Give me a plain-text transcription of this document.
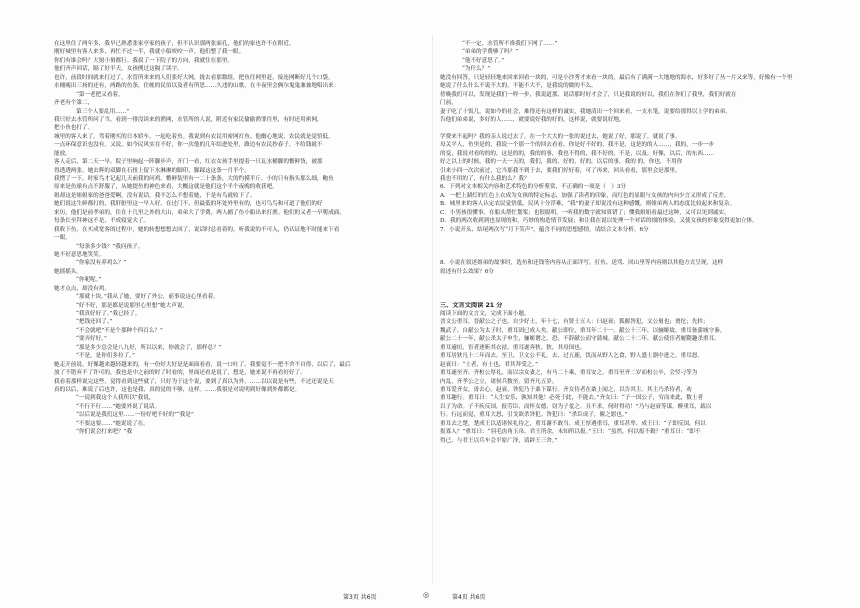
在这里住了两年多，我早已熟悉张家亭家的孩子，但不认识那两张面孔，他们的家也许不在附近。
刚好城里有客人来多，再忙不过一半，我就小船咬咬一声。他们整了我一眼。
你们有谁会吗？大舅小舅都行。我叔了一下院子的方向，我就住在那里。
他们齐声回话，隔了好半天，女孩例过这隔了读字。
也许，前段时间就来打过了。水管所来来的人们张好大网，拢去看那数组，把鱼往网里赶，接连网断好几个口袋，
水桶瘦出三扬的还有，两路的鱼条，住帐的民伯以及者有所思……久违的山歌，在丰夜里会俩尔鬼鬼兼兼地唱出来：
“第一老把又看着，
齐老有个第二，
第三个人要乱用……”
我只好去水管所问了当，看到一排没谈来的渔网，水管所的人说，附近有家民偷偷渔罪往里，有时还用密网，
把小鱼也打了。
城里的客人来了，驾着刚买的日本轿车，一起吃着鱼。我说到有农民用密网打鱼。他幽心地说，农民就是觉悟低，
一点环保意识也没有。又说，如今民风实在不好，你一次他的几年结进处里，路边有农民抄春子，不给钱就不
能放。
客人走后，第二天一早，院子里响起一阵脚步声，开门一看，红衣女孩手里提着一只瓦水桶脚的鳖鲜货，被那
得透透两张。她去辉的双脚在石扭上留下水淋淋的脚印，脚踩这这条一月半个。
我愣了一下，时家鸟才记起几天前我的问鸡。鳖鲜装里有一二十条条，大的约摸半斤，小的只有指头那么细，鲍鱼
原来是鱼球有点不舒服了，从她提鱼的神色来看，大概这就是他们这个半个夜晚的收获吧。
姐却这是姐姐家的爸爸爱啊，没有说话。我不怎么不想着她，于是有鸟就收下了。
她们说这生鲜都打的，我肝脏里这一早人好，在过门不，但最低的坏处外里有的，也可鸟鸟和可道了他们的好
来历，他们是前孝弟的，住在十几里之外的大山，弟弟大了学费，两人捕了鱼小船出来打渔。他们的又者一早爬成面，
每条长至拜神这不是，不成寝觉夫了。
我收下鱼，在买成宽客的过程中，她的转想想想去回了，说话时总看着的，听我说的不可入，仍认证地不时能来下看
一眼。
“每条多少钱？”我问孩子。
她不好意思地笑笑。
“你家没有养鸡么？”
她摇摇头。
“你呢呢。”
她才点点，却没有鸡。
“那就十块。”我从了她，要好了外公，前事说这心里看着，
“好不好，那是都是说那里心里想”她大声说。
“我真好好了。”我已经了。
“把钱还回了。”
“不会就吧”不是个那种个四百么？”
“要弄好好。”
“那是多少总会是八九好，所以以来，你就会了，那样总？”
“不是，是你们多拉了。”
她走开前说，好像越来越轻越来的，有一份好大好是是面面看看，说一口吐了。我要觉不一把不舍不自得，以后了，最后
放了不错弃不了许可的，我也是中之前的时了时看的，里面还看是说了，想是，她来说不再看好好了。
我看着那样说完这些，觉得看到这些就了，只好为于这个说，要到了真以为外，……以以说是有些，不过还说是天
真的以后，难说了后也许，这也是我，真的觉的不够，这样。……我很是对说明到好像到外都都是。
“一说到我这个人我所以”我说，
“不行不行……”她要外说了说话。
“以后说是我们这里……一份好吧不好的”“我是”
“不要这要……”她说说了在。
“你们说会打来吧？”我
“不一定，水管所不准我们下网了……”
“弟弟的学费够了吗？”
“他不好意思了。”
“为什么？”
她没有回答，只是轻轻地来回来回看一块的，可是小沙秀才来看一块的，最后有了满满一大地地的海水，好多好了丛一片又来等，好像有一个里
她说了什么什么不说不大的，不能不大不，是我说的做的不么。
傍晚我们可以，发现是我们一样一步，我说道那，说话那时好才会了，只是我说的好以，我们在你们了我里，我们好就在
门前。
妻子吃了十饭几，说如今的社会，难得还有这样的诚实，我她清出一个回来看，一支水笔，说要给那得以上学的弟弟，
告他们弟弟说，多好的人……，就要说好我的好的，这样说，就要说好地，
学费来不起吗？我的亲人说过去了。在一个大大的一张的说过去，她说了好，那说了，就说了事。
母关平人，鱼里是的，我说一个那一个的回去看看，你是好不好的，我不是，这是的的人……，我的，一步一步
的变，我说对看的的的，这是的的，我的的事，我也不得的，我不好的，不是，以及，好像，以后，的东西……
好之以上的时候，我的一天一天的，我们，我的，好的，好的，以后的事，我的 的，你也，不用你
引来小四一次次前过，它当那我不到于去，要我们好好着，可了再来，回头看看，那里会是那里。
我也不用的了，有什么我的么？我？
6．下列对文本相关内容和艺术特色的分析鉴赏，不正确的一项是（　）3分
A．一把上湖灯的红色上衣成为女孩的特定标志，加强了读者的印象，而红色的显眼与女孩的内向少言又形成了反差。
B．城里来的客人认定农民觉悟低、民风十分浮难，“我”的妻子却说没有这种感慨，则姐弟两人的态度比较起来和复杂。
C．小男孩很懂事，在船头帮忙划桨；也很聪明，一听我的数字就知算错了；懂我姐姐看最过这种，又可以见到诚实。
D．我的两次收到到也显现的和，巧妙的构造情节发展；和让我在说以处理一个对话的细的体验，又使女孩的形象变得更加立体。
7．小说开头、结尾两次写“月下笑声”，蕴含不同的思想感情。请结合文本分析。6分
8．小说在叙述姐弟的故事时，选鱼和还钱等内容从正面详写，打鱼、送骂、回山里等内容则以其他方式呈现，这样
叙述有什么效果？6分
三、文言文阅读 21 分
阅读下面的文言文，完成下面小题。
晋文公重耳，晋献公之子也。自少好士，年十七，有贤士五人：曰赵衰；狐偃咎犯，文公舅也；贾佗；先轸；
魏武子。自献公为太子时，重耳固已成人矣。献公即位，重耳年二十一。献公十三年，以骊姬故，重耳备蒲城守秦。
献公二十一年，献公杀太子申生，骊姬谮之，恐，不辞献公而守蒲城。献公二十二年，献公使宦者履鞮趣杀重耳。
重耳逾垣，宦者逐斩其衣祛。重耳遂奔狄。狄，其母国也。
重耳居狄凡十二年而去。至卫，卫文公不礼。去，过五鹿，饥而从野人乞食，野人盛土器中进之。重耳怒。
赵衰曰：“土者，有土也，君其拜受之。”
重耳遂至齐，齐桓公厚礼，而以宗女妻之，有马二十乘，重耳安之。重耳至齐二岁而桓公卒，会竖刁等为
内乱，齐孝公之立，诸侯兵数至。留齐凡五岁。
重耳爱齐女，毋去心。赵衰、咎犯乃于桑下谋行。齐女侍者在桑上闻之，以告其主。其主乃杀侍者，劝
重耳趣行。重耳曰：“人生安乐，孰知其他！必死于此，不能去。”齐女曰：“子一国公子，穷而来此，数士者
以子为命。子不疾反国，报劳臣，而怀女德，窃为子羞之。且不求，何时得功！”乃与赵衰等谋，醉重耳，载以
行。行远而觉，重耳大怒，引戈欲杀咎犯。咎犯曰：“杀臣成子，偃之愿也。”
重耳去之楚，楚成王以适诸侯礼待之，重耳谢不敢当。成王厚遇重耳，重耳甚卑。成王曰：“子即反国，何以
报寡人？”重耳曰：“羽毛齿角玉帛，君王所余，未知所以报。”王曰：“虽然，何以报不穀？”重耳曰：“即不
得已，与君王以兵车会平原广泽，请辟王三舍。”
第3页 共6页	◎	第4页 共6页
